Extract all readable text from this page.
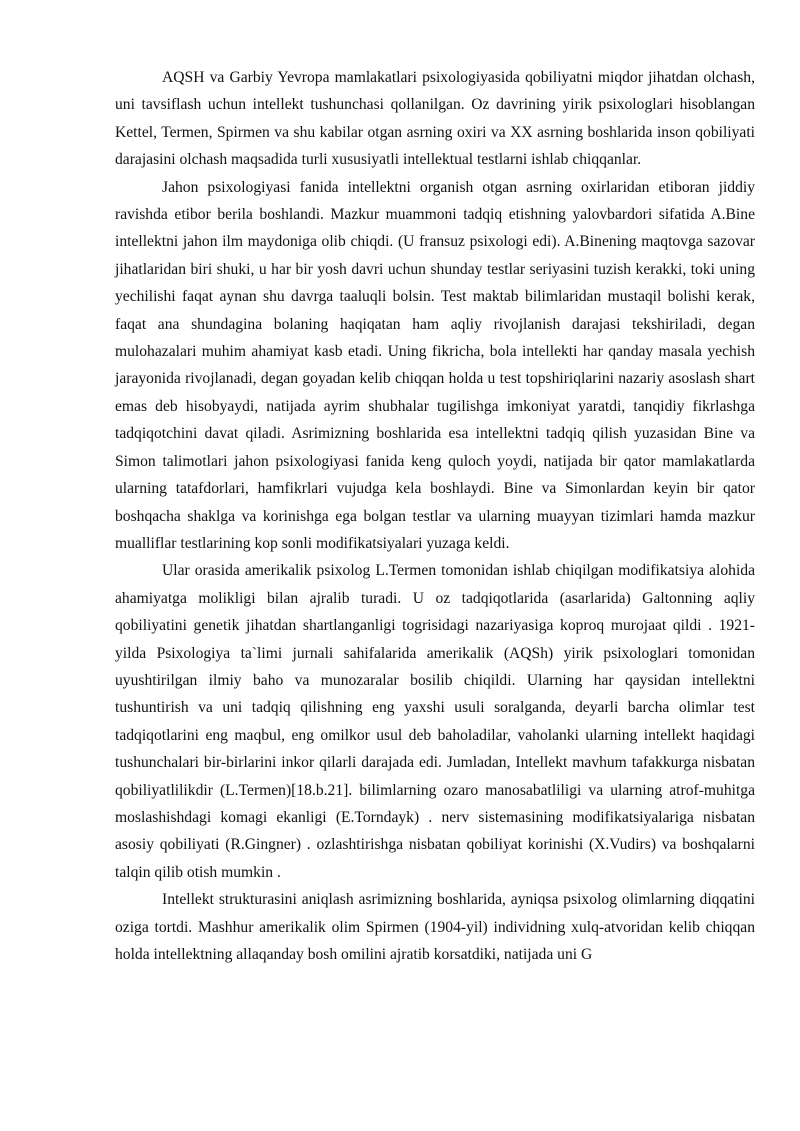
AQSH va Garbiy Yevropa mamlakatlari psixologiyasida qobiliyatni miqdor jihatdan olchash, uni tavsiflash uchun intellekt tushunchasi qollanilgan. Oz davrining yirik psixologlari hisoblangan Kettel, Termen, Spirmen va shu kabilar otgan asrning oxiri va XX asrning boshlarida inson qobiliyati darajasini olchash maqsadida turli xususiyatli intellektual testlarni ishlab chiqqanlar.

Jahon psixologiyasi fanida intellektni organish otgan asrning oxirlaridan etiboran jiddiy ravishda etibor berila boshlandi. Mazkur muammoni tadqiq etishning yalovbardori sifatida A.Bine intellektni jahon ilm maydoniga olib chiqdi. (U fransuz psixologi edi). A.Binening maqtovga sazovar jihatlaridan biri shuki, u har bir yosh davri uchun shunday testlar seriyasini tuzish kerakki, toki uning yechilishi faqat aynan shu davrga taaluqli bolsin. Test maktab bilimlaridan mustaqil bolishi kerak, faqat ana shundagina bolaning haqiqatan ham aqliy rivojlanish darajasi tekshiriladi, degan mulohazalari muhim ahamiyat kasb etadi. Uning fikricha, bola intellekti har qanday masala yechish jarayonida rivojlanadi, degan goyadan kelib chiqqan holda u test topshiriqlarini nazariy asoslash shart emas deb hisobyaydi, natijada ayrim shubhalar tugilishga imkoniyat yaratdi, tanqidiy fikrlashga tadqiqotchini davat qiladi. Asrimizning boshlarida esa intellektni tadqiq qilish yuzasidan Bine va Simon talimotlari jahon psixologiyasi fanida keng quloch yoydi, natijada bir qator mamlakatlarda ularning tatafdorlari, hamfikrlari vujudga kela boshlaydi. Bine va Simonlardan keyin bir qator boshqacha shaklga va korinishga ega bolgan testlar va ularning muayyan tizimlari hamda mazkur mualliflar testlarining kop sonli modifikatsiyalari yuzaga keldi.

Ular orasida amerikalik psixolog L.Termen tomonidan ishlab chiqilgan modifikatsiya alohida ahamiyatga molikligi bilan ajralib turadi. U oz tadqiqotlarida (asarlarida) Galtonning aqliy qobiliyatini genetik jihatdan shartlanganligi togrisidagi nazariyasiga koproq murojaat qildi . 1921-yilda Psixologiya ta`limi jurnali sahifalarida amerikalik (AQSh) yirik psixologlari tomonidan uyushtirilgan ilmiy baho va munozaralar bosilib chiqildi. Ularning har qaysidan intellektni tushuntirish va uni tadqiq qilishning eng yaxshi usuli soralganda, deyarli barcha olimlar test tadqiqotlarini eng maqbul, eng omilkor usul deb baholadilar, vaholanki ularning intellekt haqidagi tushunchalari bir-birlarini inkor qilarli darajada edi. Jumladan, Intellekt mavhum tafakkurga nisbatan qobiliyatlilikdir (L.Termen)[18.b.21]. bilimlarning ozaro manosabatliligi va ularning atrof-muhitga moslashishdagi komagi ekanligi (E.Torndayk) . nerv sistemasining modifikatsiyalariga nisbatan asosiy qobiliyati (R.Gingner) . ozlashtirishga nisbatan qobiliyat korinishi (X.Vudirs) va boshqalarni talqin qilib otish mumkin .

Intellekt strukturasini aniqlash asrimizning boshlarida, ayniqsa psixolog olimlarning diqqatini oziga tortdi. Mashhur amerikalik olim Spirmen (1904-yil) individning xulq-atvoridan kelib chiqqan holda intellektning allaqanday bosh omilini ajratib korsatdiki, natijada uni G
